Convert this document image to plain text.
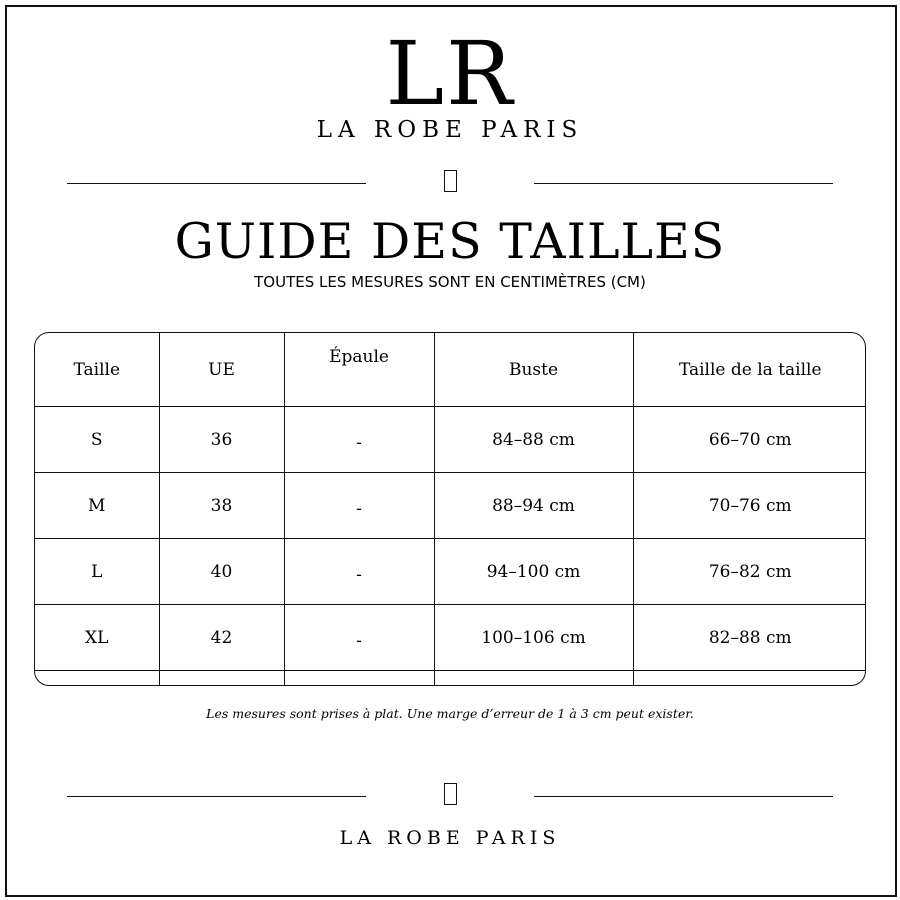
LR
LA ROBE PARIS
GUIDE DES TAILLES
TOUTES LES MESURES SONT EN CENTIMÈTRES (CM)
Taille	UE	Épaule	Buste	Taille de la taille
S	36	-	84–88 cm	66–70 cm
M	38	-	88–94 cm	70–76 cm
L	40	-	94–100 cm	76–82 cm
XL	42	-	100–106 cm	82–88 cm

Les mesures sont prises à plat. Une marge d’erreur de 1 à 3 cm peut exister.
LA ROBE PARIS
